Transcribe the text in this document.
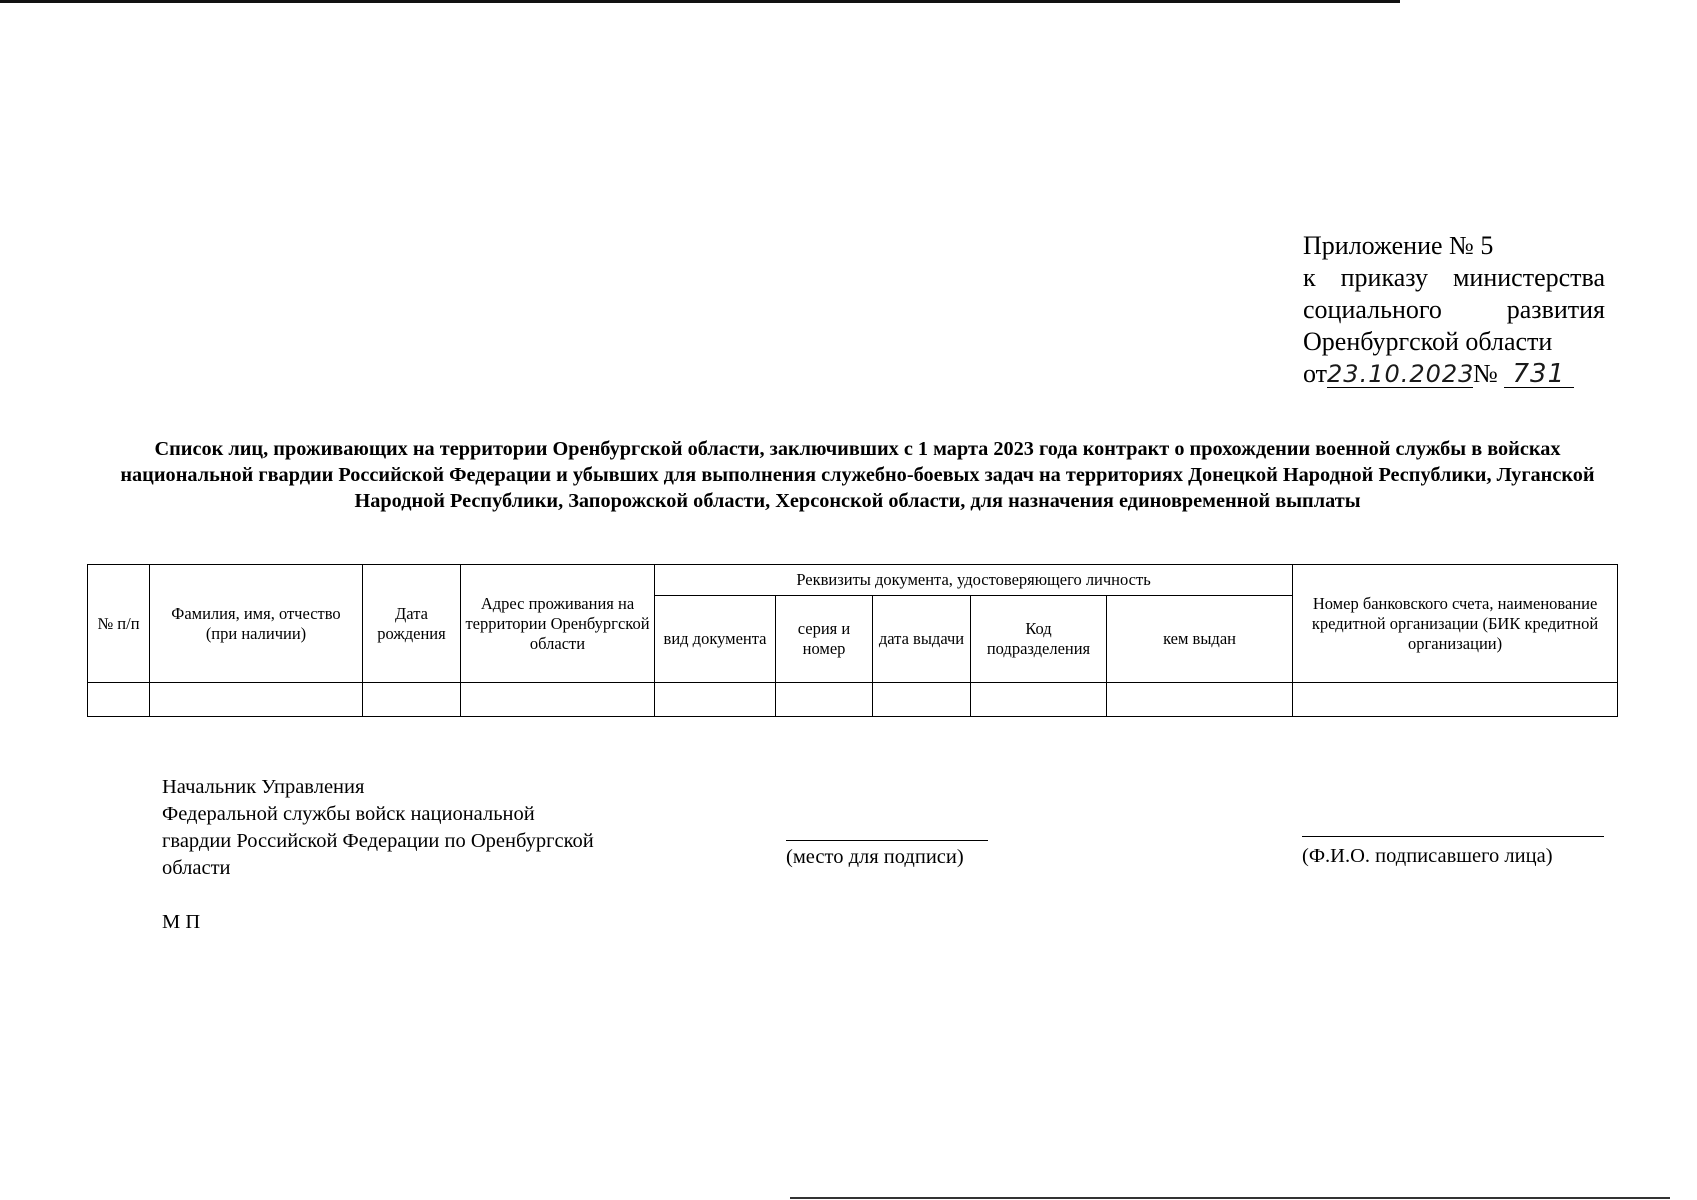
Приложение № 5
к приказу министерства
социального развития
Оренбургской области
от23.10.2023№ 731
Список лиц, проживающих на территории Оренбургской области, заключивших с 1 марта 2023 года контракт о прохождении военной службы в войсках национальной гвардии Российской Федерации и убывших для выполнения служебно-боевых задач на территориях Донецкой Народной Республики, Луганской Народной Республики, Запорожской области, Херсонской области, для назначения единовременной выплаты
№ п/п	Фамилия, имя, отчество (при наличии)	Дата рождения	Адрес проживания на территории Оренбургской области	Реквизиты документа, удостоверяющего личность					Номер банковского счета, наименование кредитной организации (БИК кредитной организации)
				вид документа	серия и номер	дата выдачи	Код подразделения	кем выдан	

Начальник Управления
Федеральной службы войск национальной
гвардии Российской Федерации по Оренбургской
области	(место для подписи)	(Ф.И.О. подписавшего лица)
М П
